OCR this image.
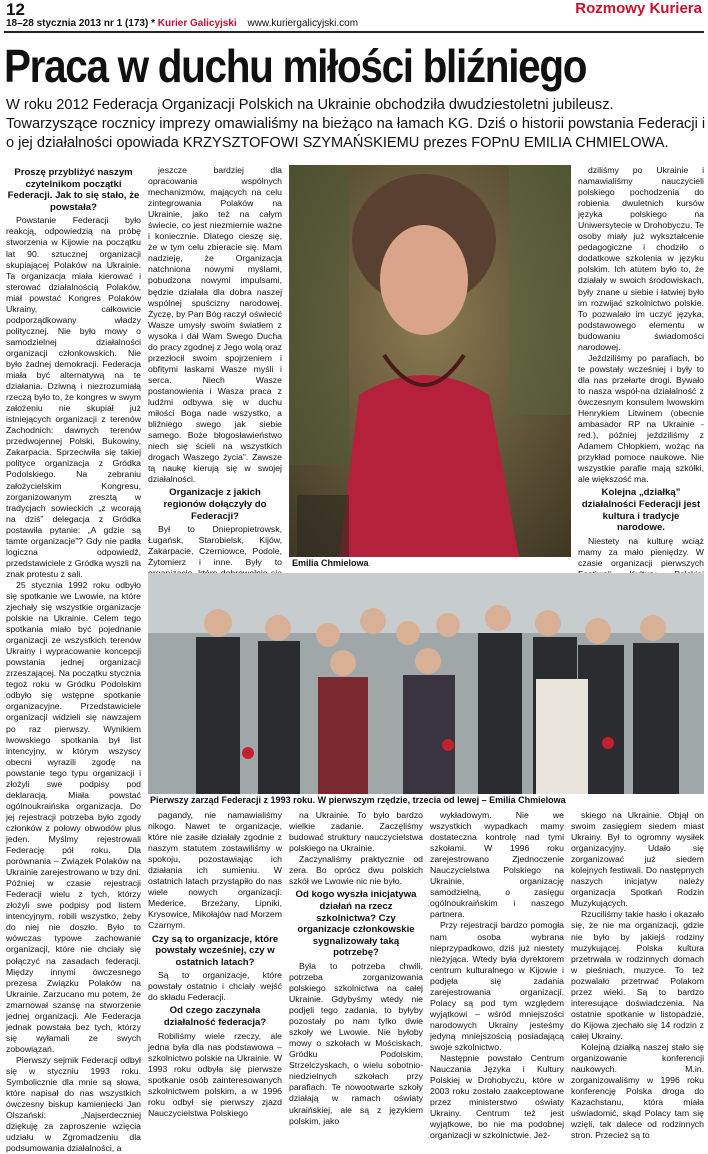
12	Rozmowy Kuriera
18–28 stycznia 2013 nr 1 (173) * Kurier Galicyjski www.kuriergalicyjski.com
Praca w duchu miłości bliźniego
W roku 2012 Federacja Organizacji Polskich na Ukrainie obchodziła dwudziestoletni jubileusz. Towarzyszące rocznicy imprezy omawialiśmy na bieżąco na łamach KG. Dziś o historii powstania Federacji i o jej działalności opowiada KRZYSZTOFOWI SZYMAŃSKIEMU prezes FOPnU EMILIA CHMIELOWA.

Proszę przybliżyć naszym czytelnikom początki Federacji. Jak to się stało, że powstała?

Powstanie Federacji było reakcją, odpowiedzią na próbę stworzenia w Kijowie na początku lat 90. sztucznej organizacji skupiającej Polaków na Ukrainie. Ta organizacja miała kierować i sterować działalnością Polaków, miał powstać Kongres Polaków Ukrainy, całkowicie podporządkowany władzy politycznej. Nie było mowy o samodzielnej działalności organizacji członkowskich. Nie było żadnej demokracji. Federacja miała być alternatywą na te działania. Dziwną i niezrozumiałą rzeczą było to, że kongres w swym założeniu nie skupiał już istniejących organizacji z terenów Zachodnich: dawnych terenów przedwojennej Polski, Bukowiny, Zakarpacia. Sprzeciwiła się takiej polityce organizacja z Gródka Podolskiego. Na zebraniu założycielskim Kongresu, zorganizowanym zresztą w tradycjach sowieckich „z wcorają na dziś” delegacja z Gródka postawiła pytanie: „A gdzie są tamte organizacje”? Gdy nie padła logiczna odpowiedź, przedstawiciele z Gródka wyszli na znak protestu z sali.

25 stycznia 1992 roku odbyło się spotkanie we Lwowie, na które zjechały się wszystkie organizacje polskie na Ukrainie. Celem tego spotkania miało być pojednanie organizacji ze wszystkich terenów Ukrainy i wypracowanie koncepcji powstania jednej organizacji zrzeszającej. Na początku stycznia tegoż roku w Gródku Podolskim odbyło się wstępne spotkanie organizacyjne. Przedstawiciele organizacji widzieli się nawzajem po raz pierwszy. Wynikiem lwowskiego spotkania był list intencyjny, w którym wszyscy obecni wyrazili zgodę na powstanie tego typu organizacji i złożyli swe podpisy pod deklaracją. Miała powstać ogólnoukraińska organizacja. Do jej rejestracji potrzeba było zgody członków z połowy obwodów plus jeden. Myślmy rejestrowali Federację pół roku. Dla porównania – Związek Polaków na Ukrainie zarejestrowano w trzy dni. Później w czasie rejestracji Federacji wielu z tych, którzy złożyli swe podpisy pod listem intencyjnym, robili wszystko, żeby do niej nie doszło. Było to wówczas typowe zachowanie organizacji, które nie chciały się połączyć na zasadach federacji. Między innymi ówczesnego prezesa Związku Polaków na Ukrainie. Zarzucano mu potem, że zmarnował szansę na stworzenie jednej organizacji. Ale Federacja jednak powstała bez tych, którzy się wyłamali ze swych zobowiązań.

Pierwszy sejmik Federacji odbył się w styczniu 1993 roku. Symbolicznie dla mnie są słowa, które napisał do nas wszystkich ówczesny biskup kamieniecki Jan Olszański: „Najserdeczniej dziękuję za zaproszenie wzięcia udziału w Zgromadzeniu dla podsumowania działalności, a

jeszcze bardziej dla opracowania wspólnych mechanizmów, mających na celu zintegrowania Polaków na Ukrainie, jako też na całym świecie, co jest niezmiernie ważne i koniecznie. Dlatego cieszę się, że w tym celu zbieracie się. Mam nadzieję, że Organizacja natchniona nowymi myślami, pobudzona nowymi impulsami, będzie działała dla dobra naszej wspólnej spuścizny narodowej. Życzę, by Pan Bóg raczył oświecić Wasze umysły swoim światłem z wysoka i dał Wam Swego Ducha do pracy zgodnej z Jego wolą oraz przezłocił swoim spojrzeniem i obfitymi łaskami Wasze myśli i serca. Niech Wasze postanowienia i Wasza praca z ludźmi odbywa się w duchu miłości Boga nade wszystko, a bliźniego swego jak siebie samego. Boże błogosławieństwo niech się ścieli na wszystkich drogach Waszego życia”. Zawsze tą naukę kierują się w swojej działalności.

Organizacje z jakich regionów dołączyły do Federacji?

Był to Dniepropietrowsk, Ługańsk, Starobielsk, Kijów, Zakarpacie, Czerniowce, Podole, Żytomierz i inne. Były to

dziliśmy po Ukrainie i namawialiśmy nauczycieli polskiego pochodzenia do robienia dwuletnich kursów języka polskiego na Uniwersytecie w Drohobyczu. Te osoby miały już wykształcenie pedagogiczne i chodziło o dodatkowe szkolenia w języku polskim. Ich atutem było to, że działały w swoich środowiskach, były znane u siebie i łatwiej było im rozwijać szkolnictwo polskie. To pozwalało im uczyć języka, podstawowego elementu w budowaniu świadomości narodowej.

Jeździliśmy po parafiach, bo te powstały wcześniej i były to dla nas przełarte drogi. Bywało to nasza współ-na działalność z ówczesnym konsulem lwowskim Henrykiem Litwinem (obecnie ambasador RP na Ukrainie - red.), później jeździliśmy z Adamem Chłopkiem, wożąc na przykład pomoce naukowe. Nie wszystkie parafie mają szkółki, ale większość ma.

Kolejna „działką” działalności Federacji jest kultura i tradycje narodowe.

Niestety na kulturę wciąż mamy za mało pieniędzy. W czasie organizacji pierwszych

Emilia Chmielowa
Pierwszy zarząd Federacji z 1993 roku. W pierwszym rzędzie, trzecia od lewej – Emilia Chmielowa

pagandy, nie namawialiśmy nikogo. Nawet te organizacje, które nie zasiłe działały zgodnie z naszym statutem zostawiliśmy w spokoju, pozostawiając ich działania ich sumieniu. W ostatnich latach przystąpiło do nas wiele nowych organizacji: Mederice, Brzeżany, Lipniki, Krysowice, Mikołajów nad Morzem Czarnym.

Czy są to organizacje, które powstały wcześniej, czy w ostatnich latach?

Są to organizacje, które powstały ostatnio i chciały wejść do składu Federacji.

Od czego zaczynała działalność federacja?

Robiliśmy wiele rzeczy, ale jedna była dla nas podstawowa – szkolnictwo polskie na Ukrainie. W 1993 roku odbyła się pierwsze spotkanie osób zainteresowanych szkolnictwem polskim, a w 1996 roku odbył się pierwszy zjazd Nauczycielstwa Polskiego

na Ukrainie. To było bardzo wielkie zadanie. Zaczęliśmy budować struktury nauczycielstwa polskiego na Ukrainie.

Zaczynaliśmy praktycznie od zera. Bo oprócz dwu polskich szkół we Lwowie nic nie było.

Od kogo wyszła inicjatywa działań na rzecz szkolnictwa? Czy organizacje członkowskie sygnalizowały taką potrzebę?

Była to potrzeba chwili, potrzeba zorganizowania polskiego szkolnictwa na całej Ukrainie. Gdybyśmy wtedy nie podjęli tego zadania, to byłyby pozostały po nam tylko dwie szkoły we Lwowie. Nie byłoby mowy o szkołach w Mościskach, Gródku Podolskim, Strzelczyskach, o wielu sobotnio-niedzielnych szkołach przy parafiach. Te nowootwarte szkoły działają w ramach oświaty ukraińskiej, ale są z językiem polskim, jako

wykładowym. Nie we wszystkich wypadkach mamy dostateczna kontrolę nad tymi szkołami. W 1996 roku zarejestrowano Zjednoczenie Nauczycielstwa Polskiego na Ukrainie, organizację samodzielną, o zasięgu ogólnoukraińskim i naszego partnera.

Przy rejestracji bardzo pomogła nam osoba wybrana nieprzypadkowo, dziś już niestety nieżyjąca. Wtedy była dyrektorem centrum kulturalnego w Kijowie i podjęła się zadania zarejestrowania organizacji. Polacy są pod tym względem wyjątkowi – wśród mniejszości narodowych Ukrainy jesteśmy jedyną mniejszością posiadającą swoje szkolnictwo.

Następnie powstało Centrum Nauczania Języka i Kultury Polskiej w Drohobyczu, które w 2003 roku zostało zaakceptowane przez ministerstwo oświaty Ukrainy. Centrum też jest wyjątkowe, bo nie ma podobnej organizacji w szkolnictwie. Jeż-

skiego na Ukrainie. Objął on swoim zasięgiem siedem miast Ukrainy. Był to ogromny wysiłek organizacyjny. Udało się zorganizować już siedem kolejnych festiwali. Do następnych naszych inicjatyw należy organizacja Spotkań Rodzin Muzykujących.

Rzuciliśmy takie hasło i okazało się, że nie ma organizacji, gdzie nie było by jakiejś rodziny muzykującej. Polska kultura przetrwała w rodzinnych domach w pieśniach, muzyce. To też pozwalało przetrwać Polakom przez wieki. Są to bardzo interesujące doświadczenia. Na ostatnie spotkanie w listopadzie, do Kijowa zjechało się 14 rodzin z całej Ukrainy.

Kolejną działką naszej stało się organizowanie konferencji naukowych. M.in. zorganizowaliśmy w 1996 roku konferencję Polska droga do Kazachstanu, która miała uświadomić, skąd Polacy tam się wzięli, tak dalece od rodzinnych stron. Przecież są to
